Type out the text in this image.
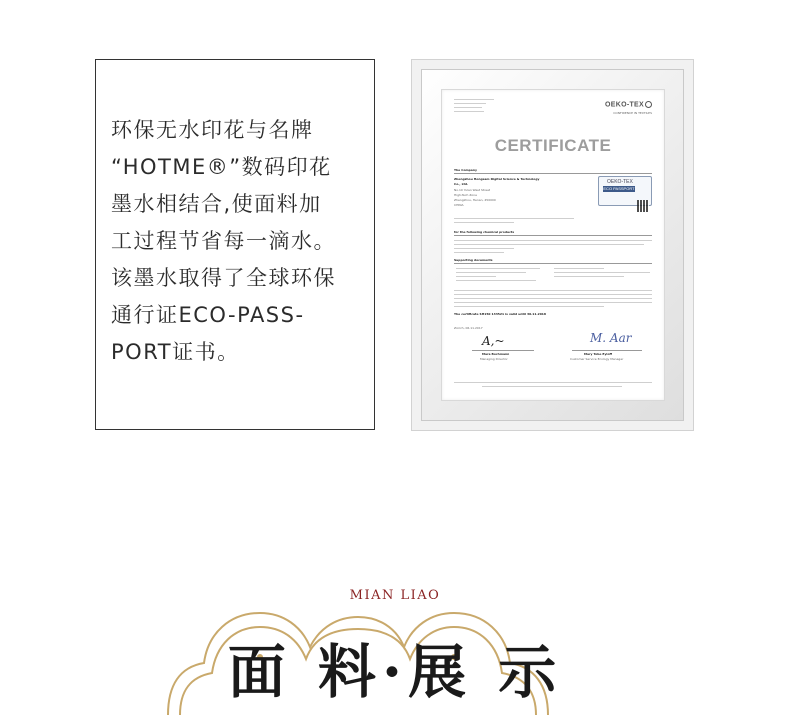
环保无水印花与名牌
“HOTME®”数码印花
墨水相结合,使面料加
工过程节省每一滴水。
该墨水取得了全球环保
通行证ECO-PASS-
PORT证书。
OEKO-TEX
CONFIDENCE IN TEXTILES
CERTIFICATE
The Company
Zhengzhou Hongsam Digital Science & Technology
Co., Ltd.
No.10 Yulan West Street
High-Tech Zone
Zhengzhou, Henan, 450000
CHINA
OEKO-TEX
ECO PASSPORT
for the following chemical products
Supporting documents
The certificate SH150 133521 is valid until 30.11.2018
Zürich, 06.11.2017
A,~	M. Aar
Mara Bochmann
Managing Director
Mary Tobe Eyloff
Customer Service Ecology Manager
MIAN LIAO
面 料·展 示
